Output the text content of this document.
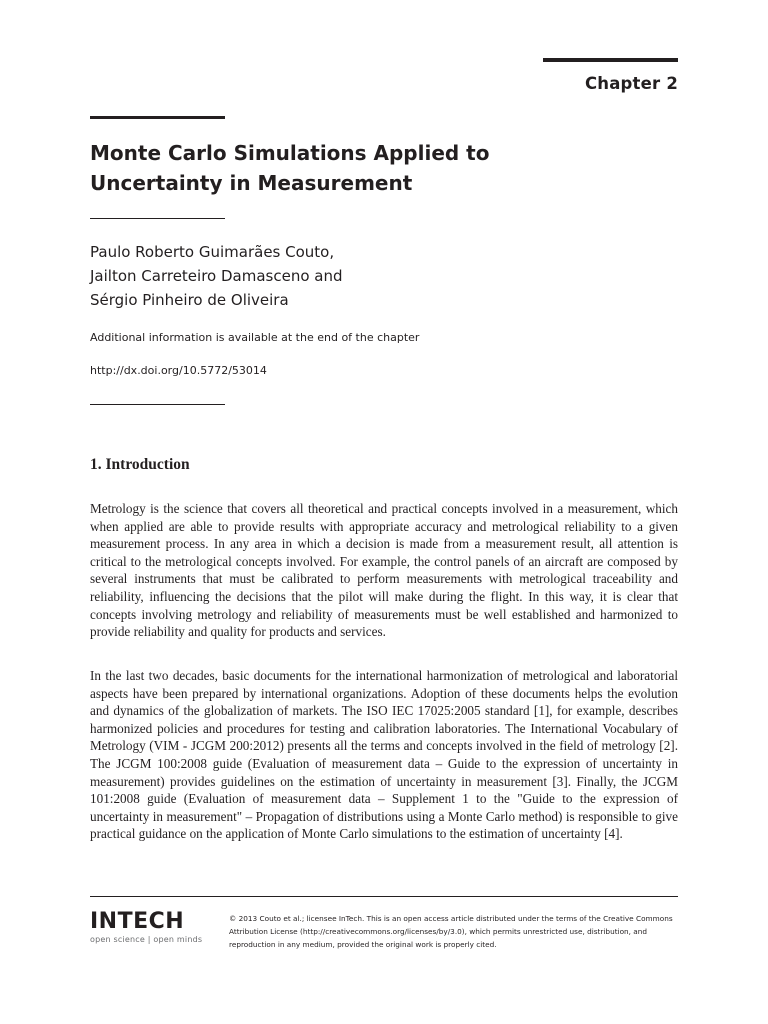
Chapter 2
Monte Carlo Simulations Applied to
Uncertainty in Measurement
Paulo Roberto Guimarães Couto,
Jailton Carreteiro Damasceno and
Sérgio Pinheiro de Oliveira
Additional information is available at the end of the chapter
http://dx.doi.org/10.5772/53014
1. Introduction

Metrology is the science that covers all theoretical and practical concepts involved in a measurement, which when applied are able to provide results with appropriate accuracy and metrological reliability to a given measurement process. In any area in which a decision is made from a measurement result, all attention is critical to the metrological concepts involved. For example, the control panels of an aircraft are composed by several instruments that must be calibrated to perform measurements with metrological traceability and reliability, influencing the decisions that the pilot will make during the flight. In this way, it is clear that concepts involving metrology and reliability of measurements must be well established and harmonized to provide reliability and quality for products and services.

In the last two decades, basic documents for the international harmonization of metrological and laboratorial aspects have been prepared by international organizations. Adoption of these documents helps the evolution and dynamics of the globalization of markets. The ISO IEC 17025:2005 standard [1], for example, describes harmonized policies and procedures for testing and calibration laboratories. The International Vocabulary of Metrology (VIM - JCGM 200:2012) presents all the terms and concepts involved in the field of metrology [2]. The JCGM 100:2008 guide (Evaluation of measurement data – Guide to the expression of uncertainty in measurement) provides guidelines on the estimation of uncertainty in measurement [3]. Finally, the JCGM 101:2008 guide (Evaluation of measurement data – Supplement 1 to the "Guide to the expression of uncertainty in measurement" – Propagation of distributions using a Monte Carlo method) is responsible to give practical guidance on the application of Monte Carlo simulations to the estimation of uncertainty [4].

INTECH
open science | open minds
© 2013 Couto et al.; licensee InTech. This is an open access article distributed under the terms of the Creative Commons Attribution License (http://creativecommons.org/licenses/by/3.0), which permits unrestricted use, distribution, and reproduction in any medium, provided the original work is properly cited.
